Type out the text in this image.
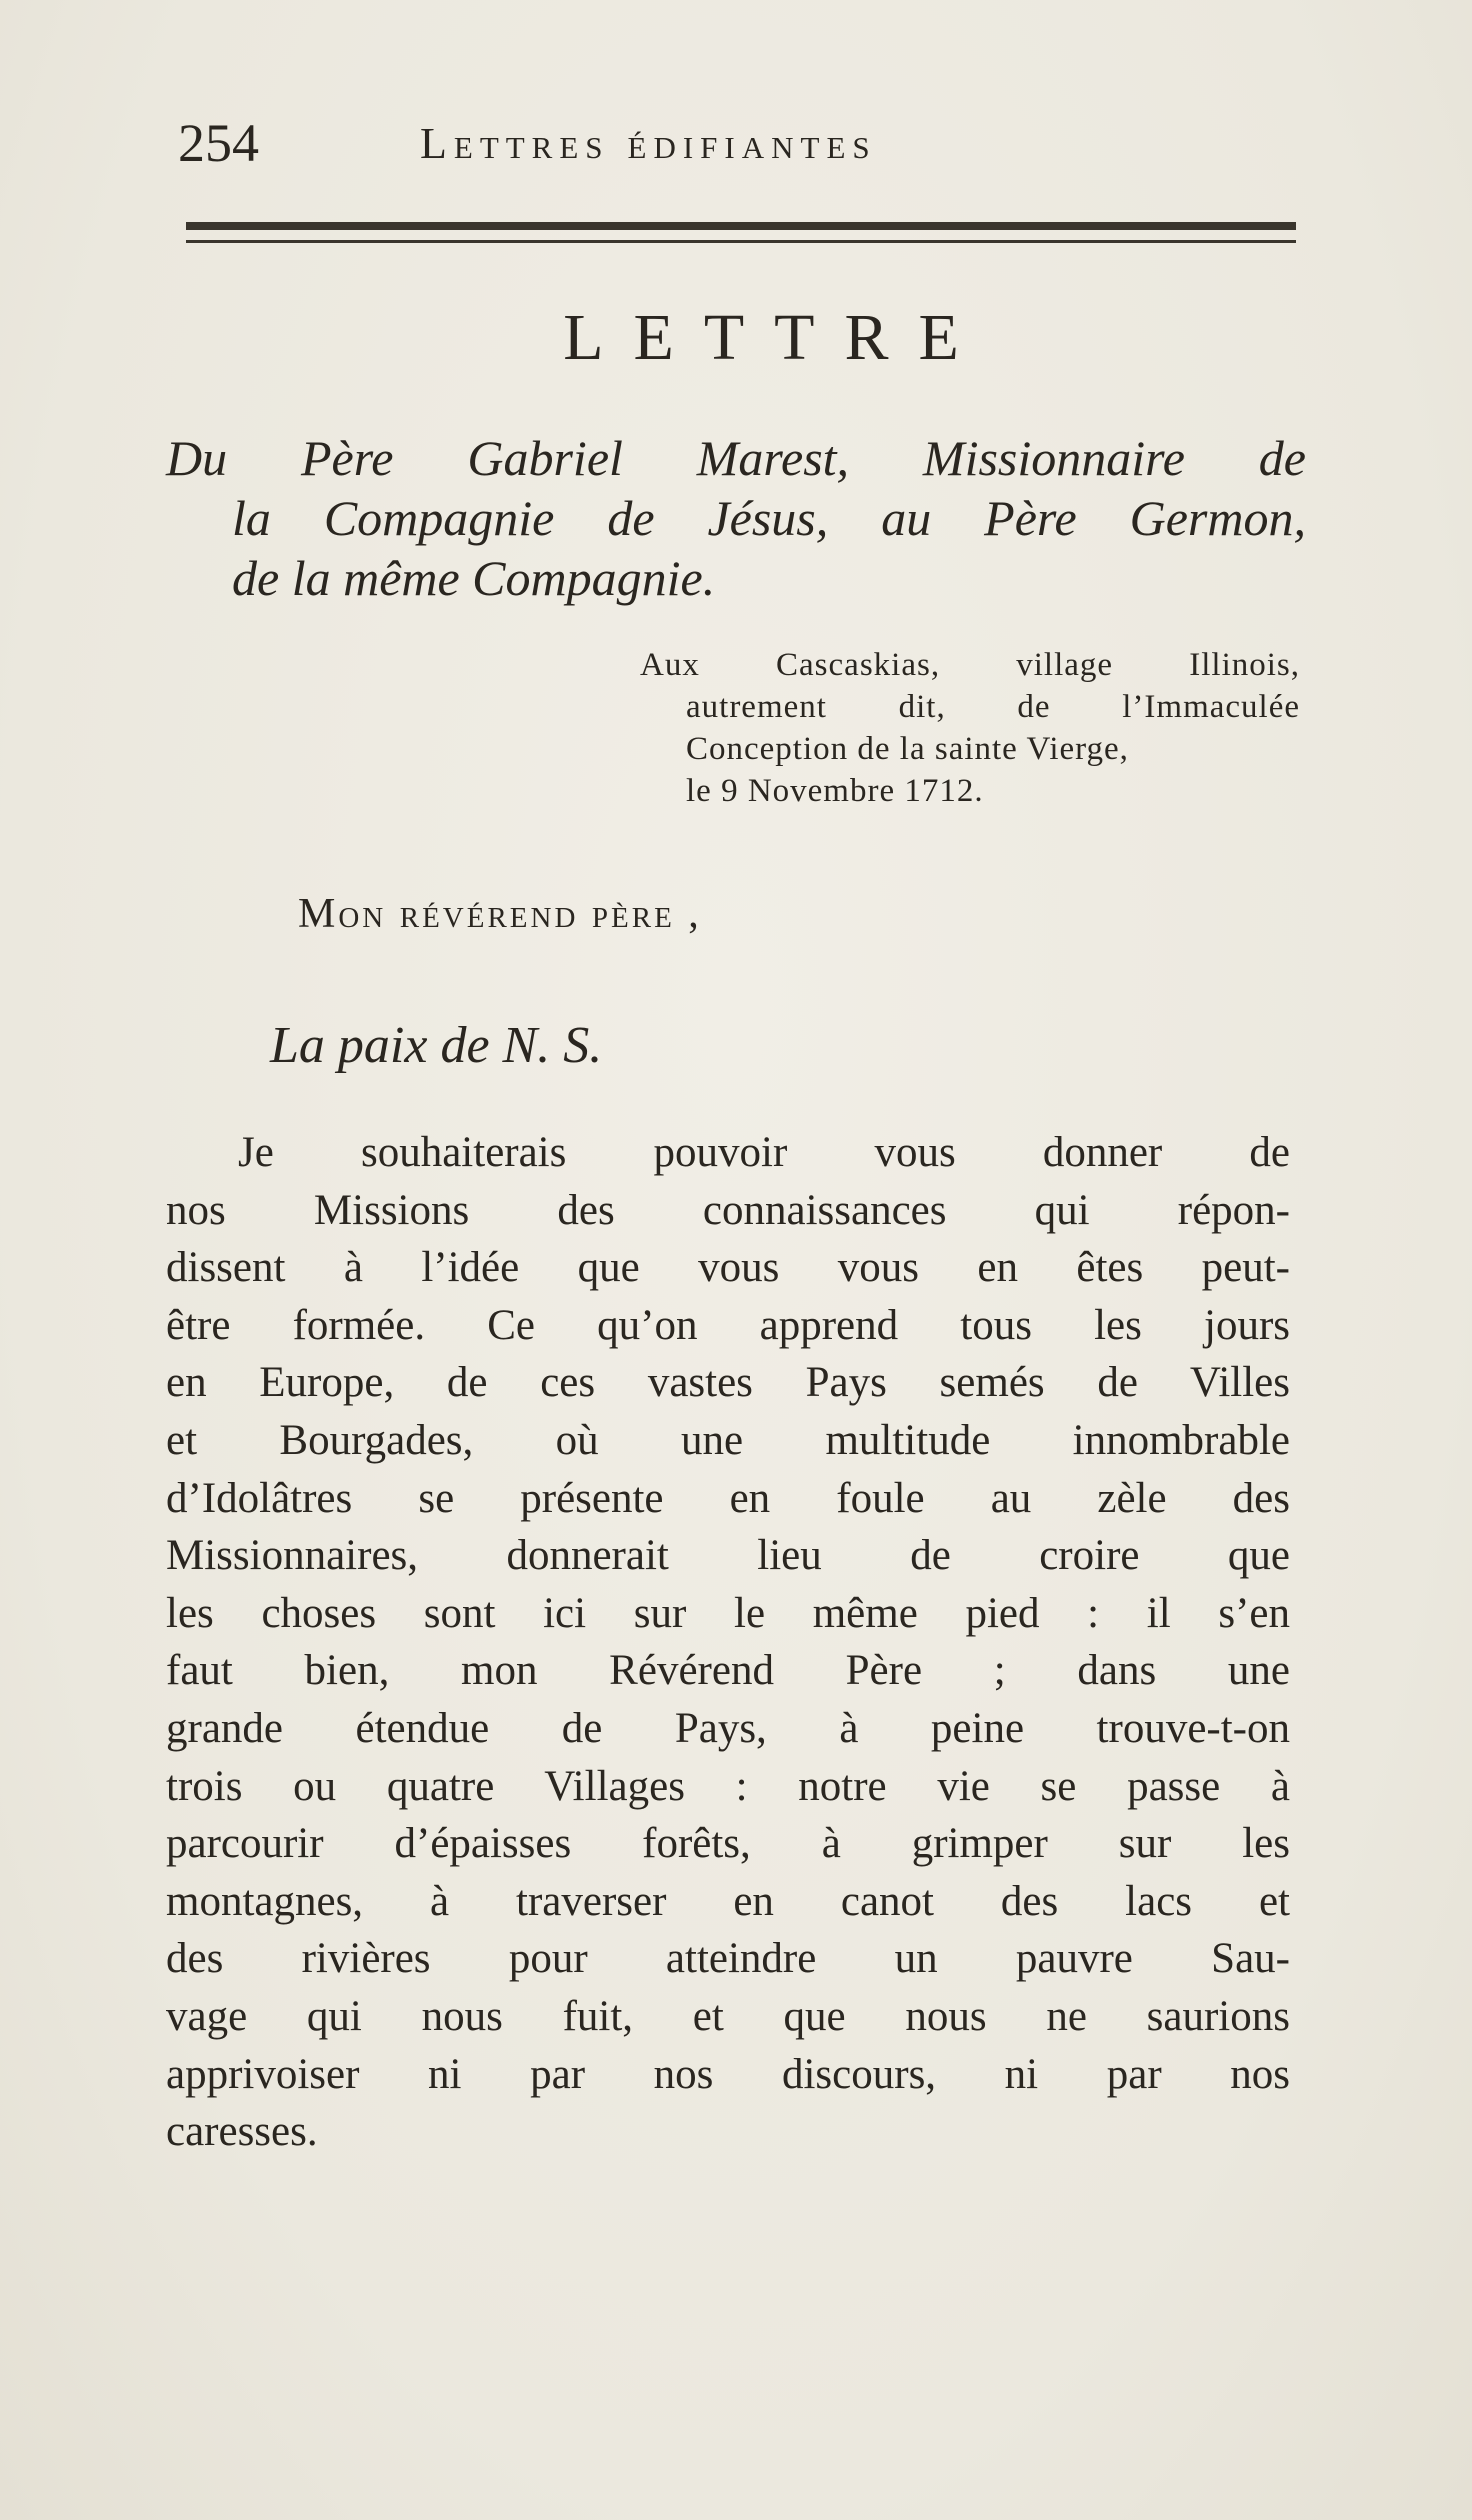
254	Lettres édifiantes
LETTRE
Du Père Gabriel Marest, Missionnaire de
la Compagnie de Jésus, au Père Germon,
de la même Compagnie.
Aux Cascaskias, village Illinois,
autrement dit, de l’Immaculée
Conception de la sainte Vierge,
le 9 Novembre 1712.
Mon révérend père ,
La paix de N. S.
Je souhaiterais pouvoir vous donner de
nos Missions des connaissances qui répon-
dissent à l’idée que vous vous en êtes peut-
être formée. Ce qu’on apprend tous les jours
en Europe, de ces vastes Pays semés de Villes
et Bourgades, où une multitude innombrable
d’Idolâtres se présente en foule au zèle des
Missionnaires, donnerait lieu de croire que
les choses sont ici sur le même pied : il s’en
faut bien, mon Révérend Père ; dans une
grande étendue de Pays, à peine trouve-t-on
trois ou quatre Villages : notre vie se passe à
parcourir d’épaisses forêts, à grimper sur les
montagnes, à traverser en canot des lacs et
des rivières pour atteindre un pauvre Sau-
vage qui nous fuit, et que nous ne saurions
apprivoiser ni par nos discours, ni par nos
caresses.
